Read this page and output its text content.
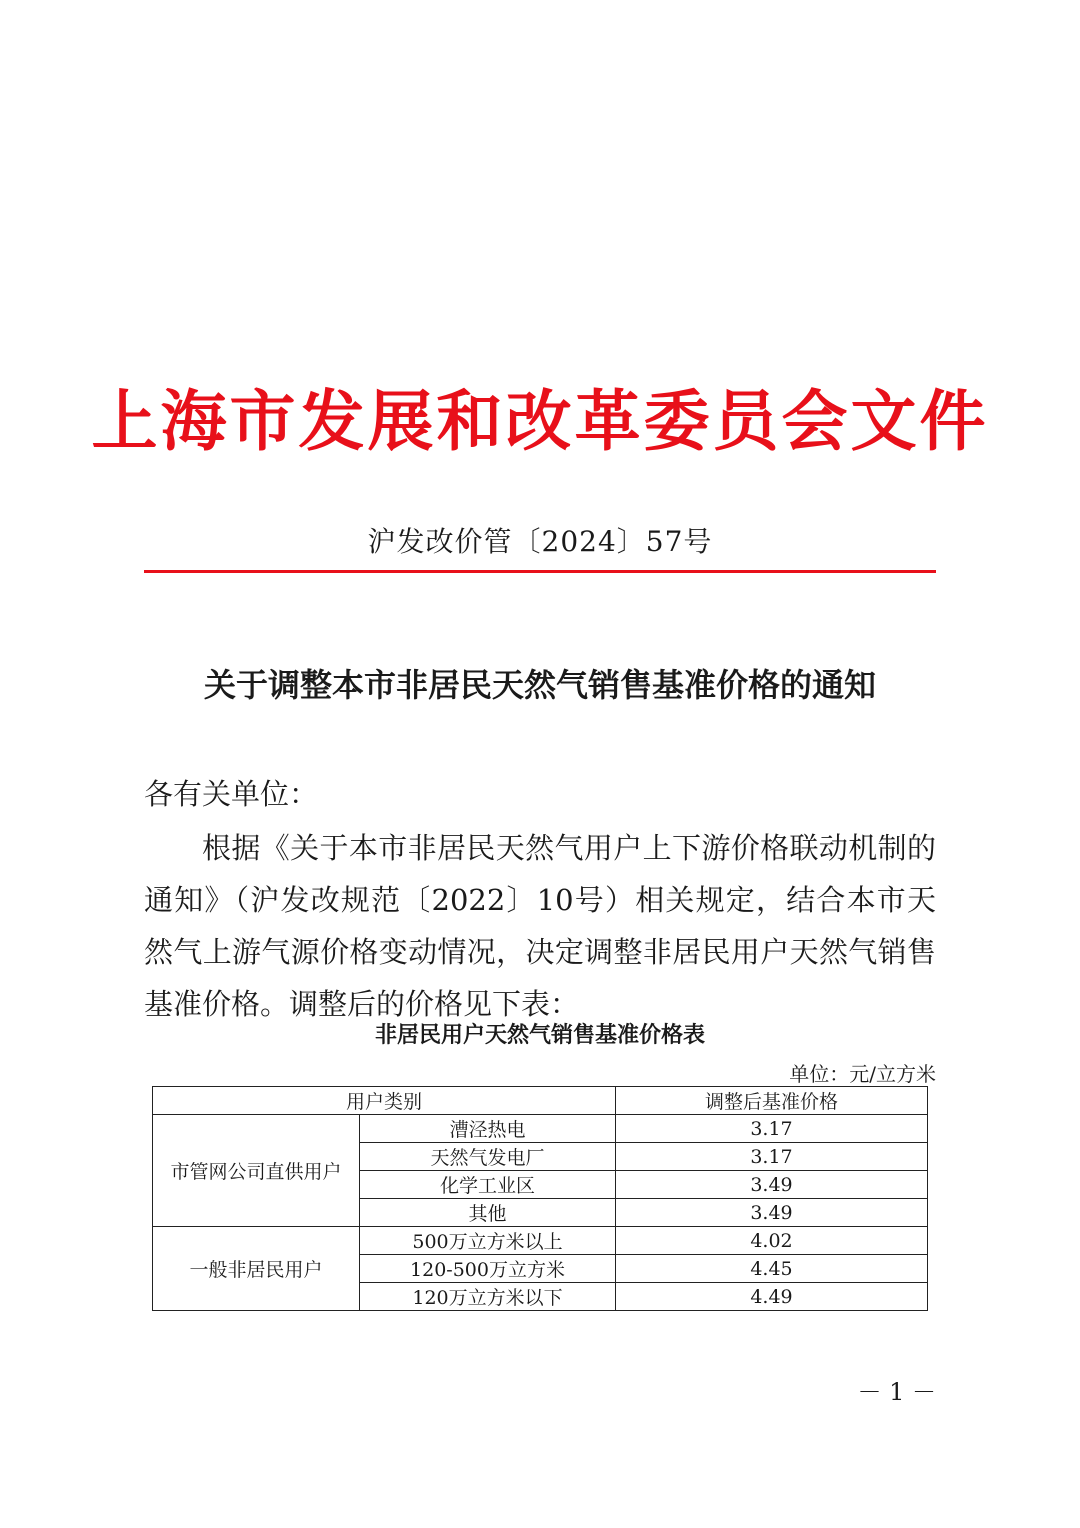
上海市发展和改革委员会文件
沪发改价管〔2024〕57号
关于调整本市非居民天然气销售基准价格的通知
各有关单位：
根据《关于本市非居民天然气用户上下游价格联动机制的通知》（沪发改规范〔2022〕10号）相关规定，结合本市天然气上游气源价格变动情况，决定调整非居民用户天然气销售基准价格。调整后的价格见下表：
非居民用户天然气销售基准价格表
单位：元/立方米
用户类别		调整后基准价格
市管网公司直供用户	漕泾热电	3.17
	天然气发电厂	3.17
	化学工业区	3.49
	其他	3.49
一般非居民用户	500万立方米以上	4.02
	120-500万立方米	4.45
	120万立方米以下	4.49
－ 1 －
